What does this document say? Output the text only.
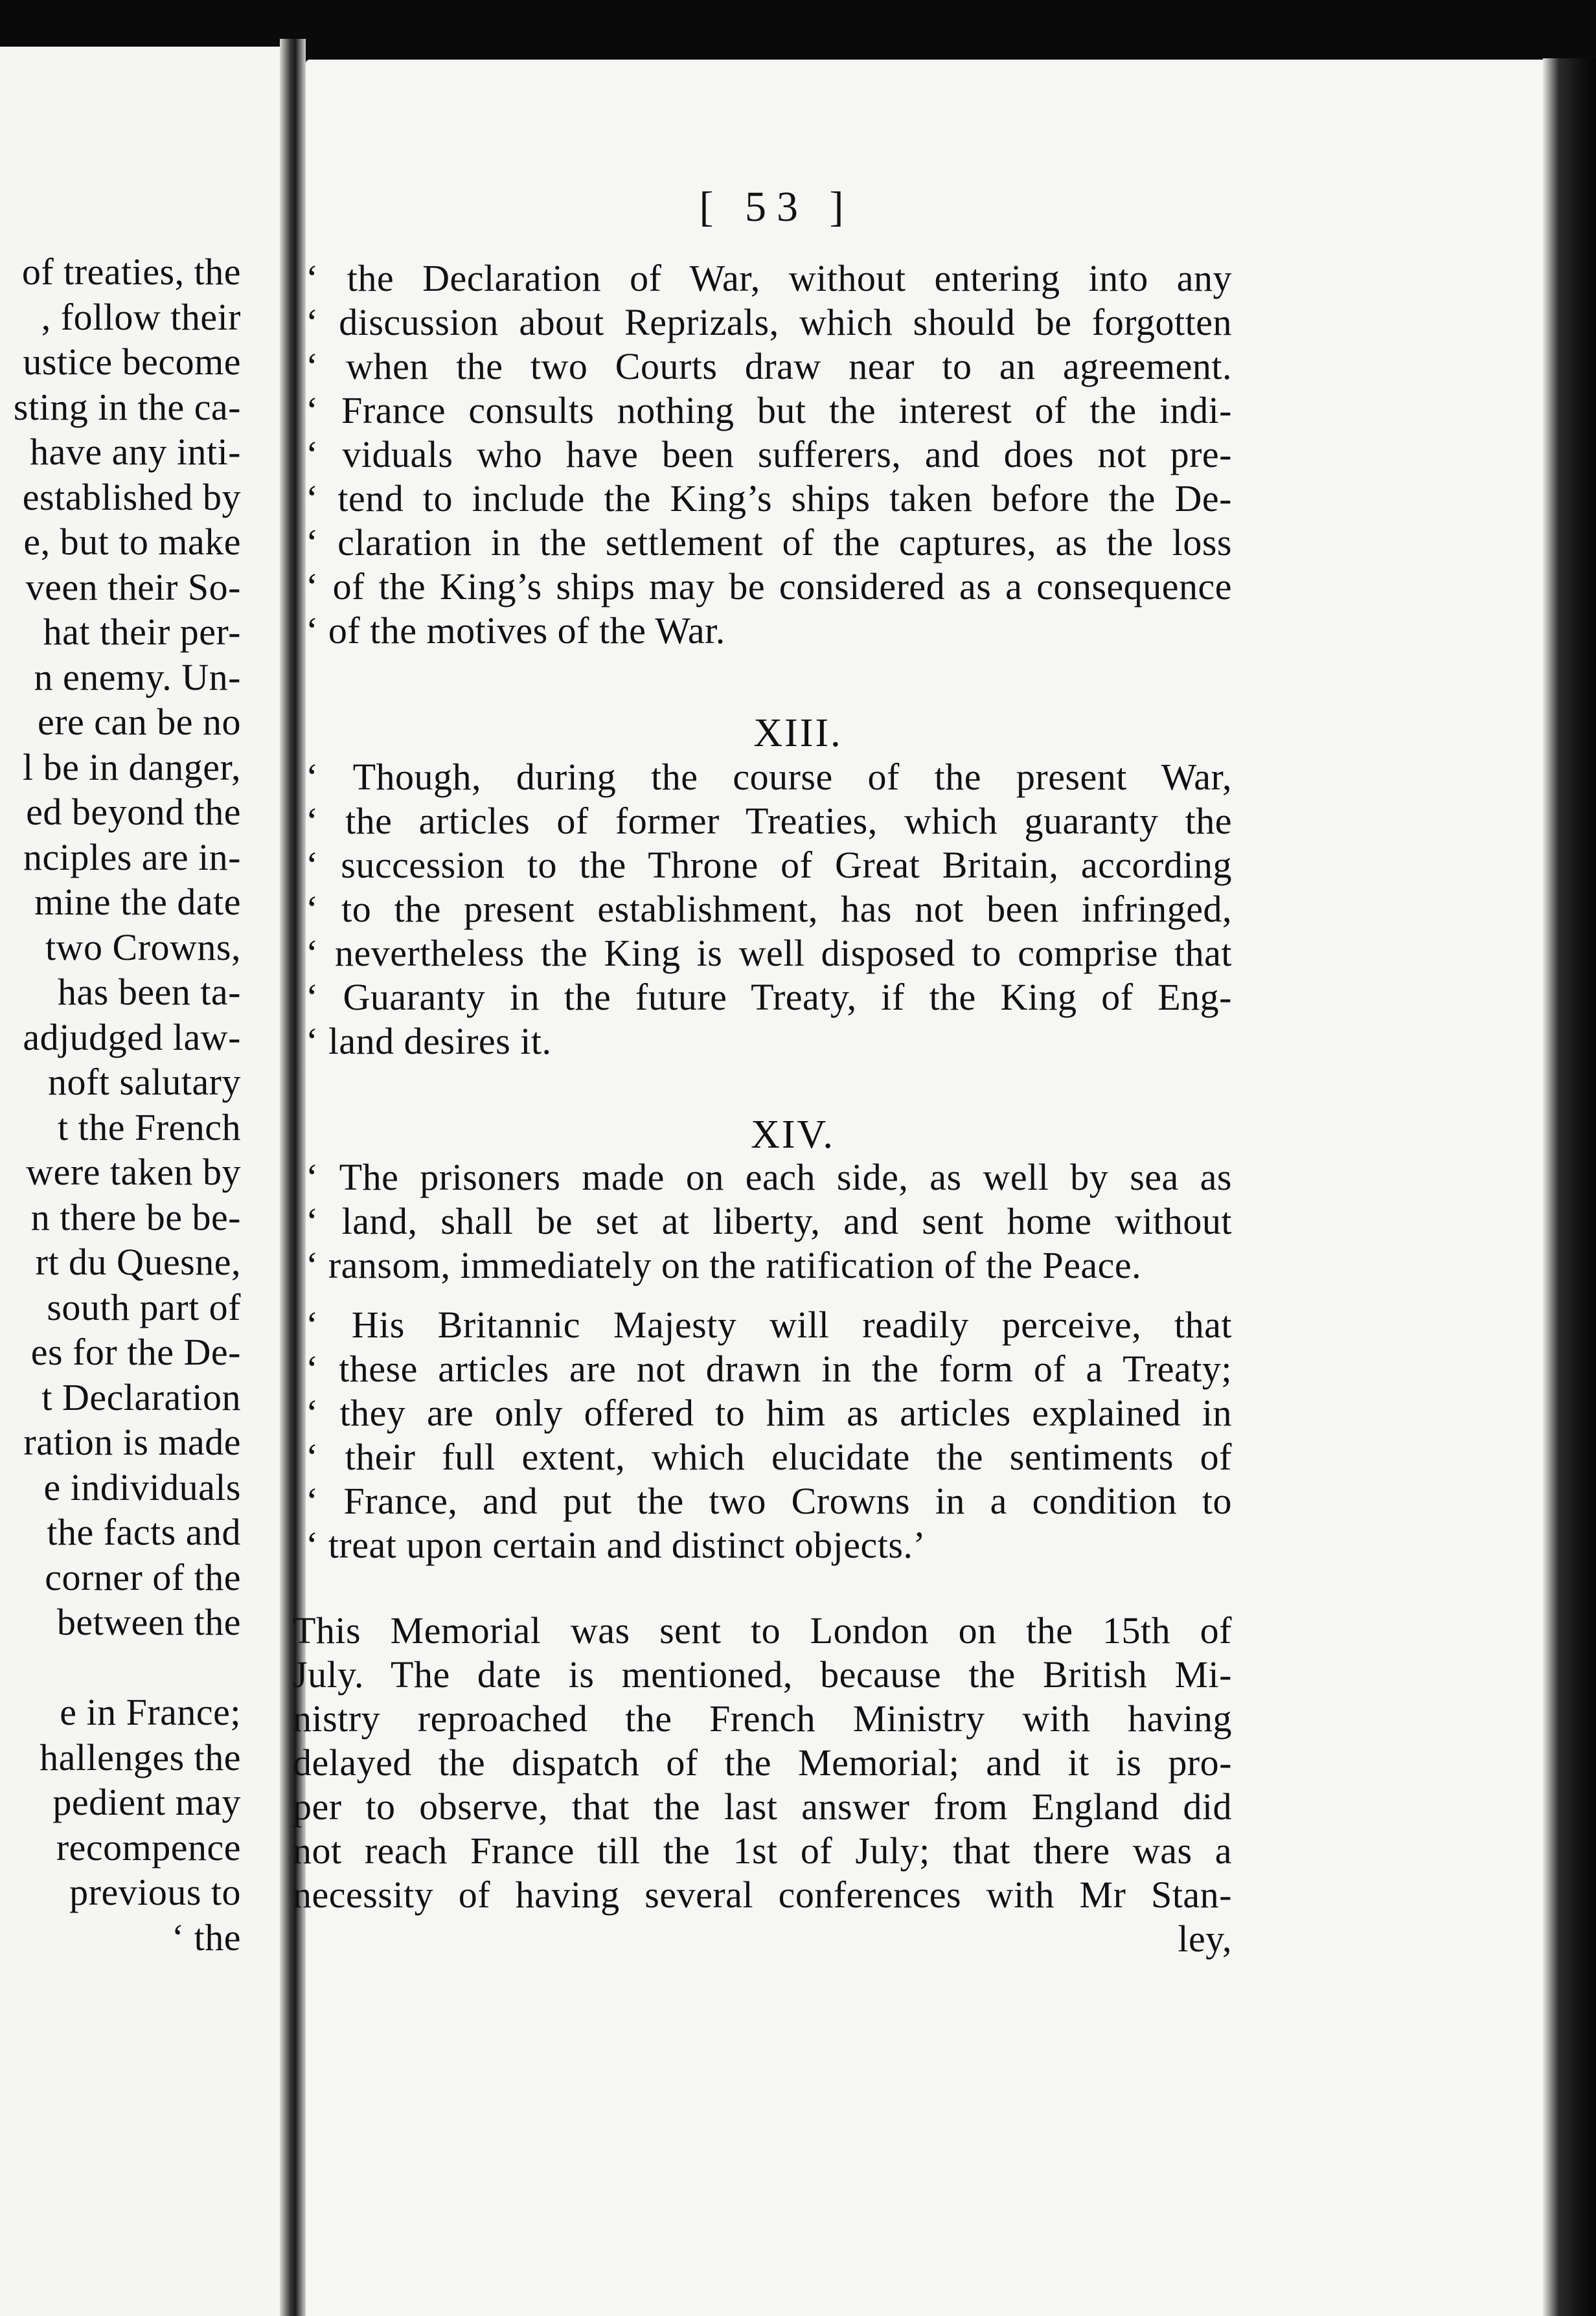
of treaties, the
, follow their
ustice become
sting in the ca-
have any inti-
established by
e, but to make
veen their So-
hat their per-
n enemy. Un-
ere can be no
l be in danger,
ed beyond the
nciples are in-
mine the date
two Crowns,
has been ta-
adjudged law-
noft salutary
t the French
were taken by
n there be be-
rt du Quesne,
south part of
es for the De-
t Declaration
ration is made
e individuals
the facts and
corner of the
between the
e in France;
hallenges the
pedient may
recompence
previous to
‘ the
[ 53 ]
‘ the Declaration of War, without entering into any
‘ discussion about Reprizals, which should be forgotten
‘ when the two Courts draw near to an agreement.
‘ France consults nothing but the interest of the indi-
‘ viduals who have been sufferers, and does not pre-
‘ tend to include the King’s ships taken before the De-
‘ claration in the settlement of the captures, as the loss
‘ of the King’s ships may be considered as a consequence
‘ of the motives of the War.
XIII.
‘ Though, during the course of the present War,
‘ the articles of former Treaties, which guaranty the
‘ succession to the Throne of Great Britain, according
‘ to the present establishment, has not been infringed,
‘ nevertheless the King is well disposed to comprise that
‘ Guaranty in the future Treaty, if the King of Eng-
‘ land desires it.
XIV.
‘ The prisoners made on each side, as well by sea as
‘ land, shall be set at liberty, and sent home without
‘ ransom, immediately on the ratification of the Peace.
‘ His Britannic Majesty will readily perceive, that
‘ these articles are not drawn in the form of a Treaty;
‘ they are only offered to him as articles explained in
‘ their full extent, which elucidate the sentiments of
‘ France, and put the two Crowns in a condition to
‘ treat upon certain and distinct objects.’
This Memorial was sent to London on the 15th of
July. The date is mentioned, because the British Mi-
nistry reproached the French Ministry with having
delayed the dispatch of the Memorial; and it is pro-
per to observe, that the last answer from England did
not reach France till the 1st of July; that there was a
necessity of having several conferences with Mr Stan-
ley,
